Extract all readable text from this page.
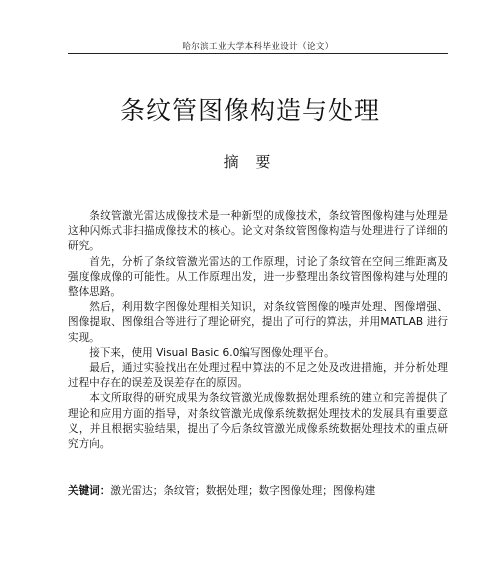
哈尔滨工业大学本科毕业设计（论文）
条纹管图像构造与处理
摘 要

条纹管激光雷达成像技术是一种新型的成像技术，条纹管图像构建与处理是这种闪烁式非扫描成像技术的核心。论文对条纹管图像构造与处理进行了详细的研究。

首先，分析了条纹管激光雷达的工作原理，讨论了条纹管在空间三维距离及强度像成像的可能性。从工作原理出发，进一步整理出条纹管图像构建与处理的整体思路。

然后，利用数字图像处理相关知识，对条纹管图像的噪声处理、图像增强、图像提取、图像组合等进行了理论研究，提出了可行的算法，并用MATLAB 进行实现。

接下来，使用 Visual Basic 6.0编写图像处理平台。

最后，通过实验找出在处理过程中算法的不足之处及改进措施，并分析处理过程中存在的误差及误差存在的原因。

本文所取得的研究成果为条纹管激光成像数据处理系统的建立和完善提供了理论和应用方面的指导，对条纹管激光成像系统数据处理技术的发展具有重要意义，并且根据实验结果，提出了今后条纹管激光成像系统数据处理技术的重点研究方向。

关键词：激光雷达；条纹管；数据处理；数字图像处理；图像构建
